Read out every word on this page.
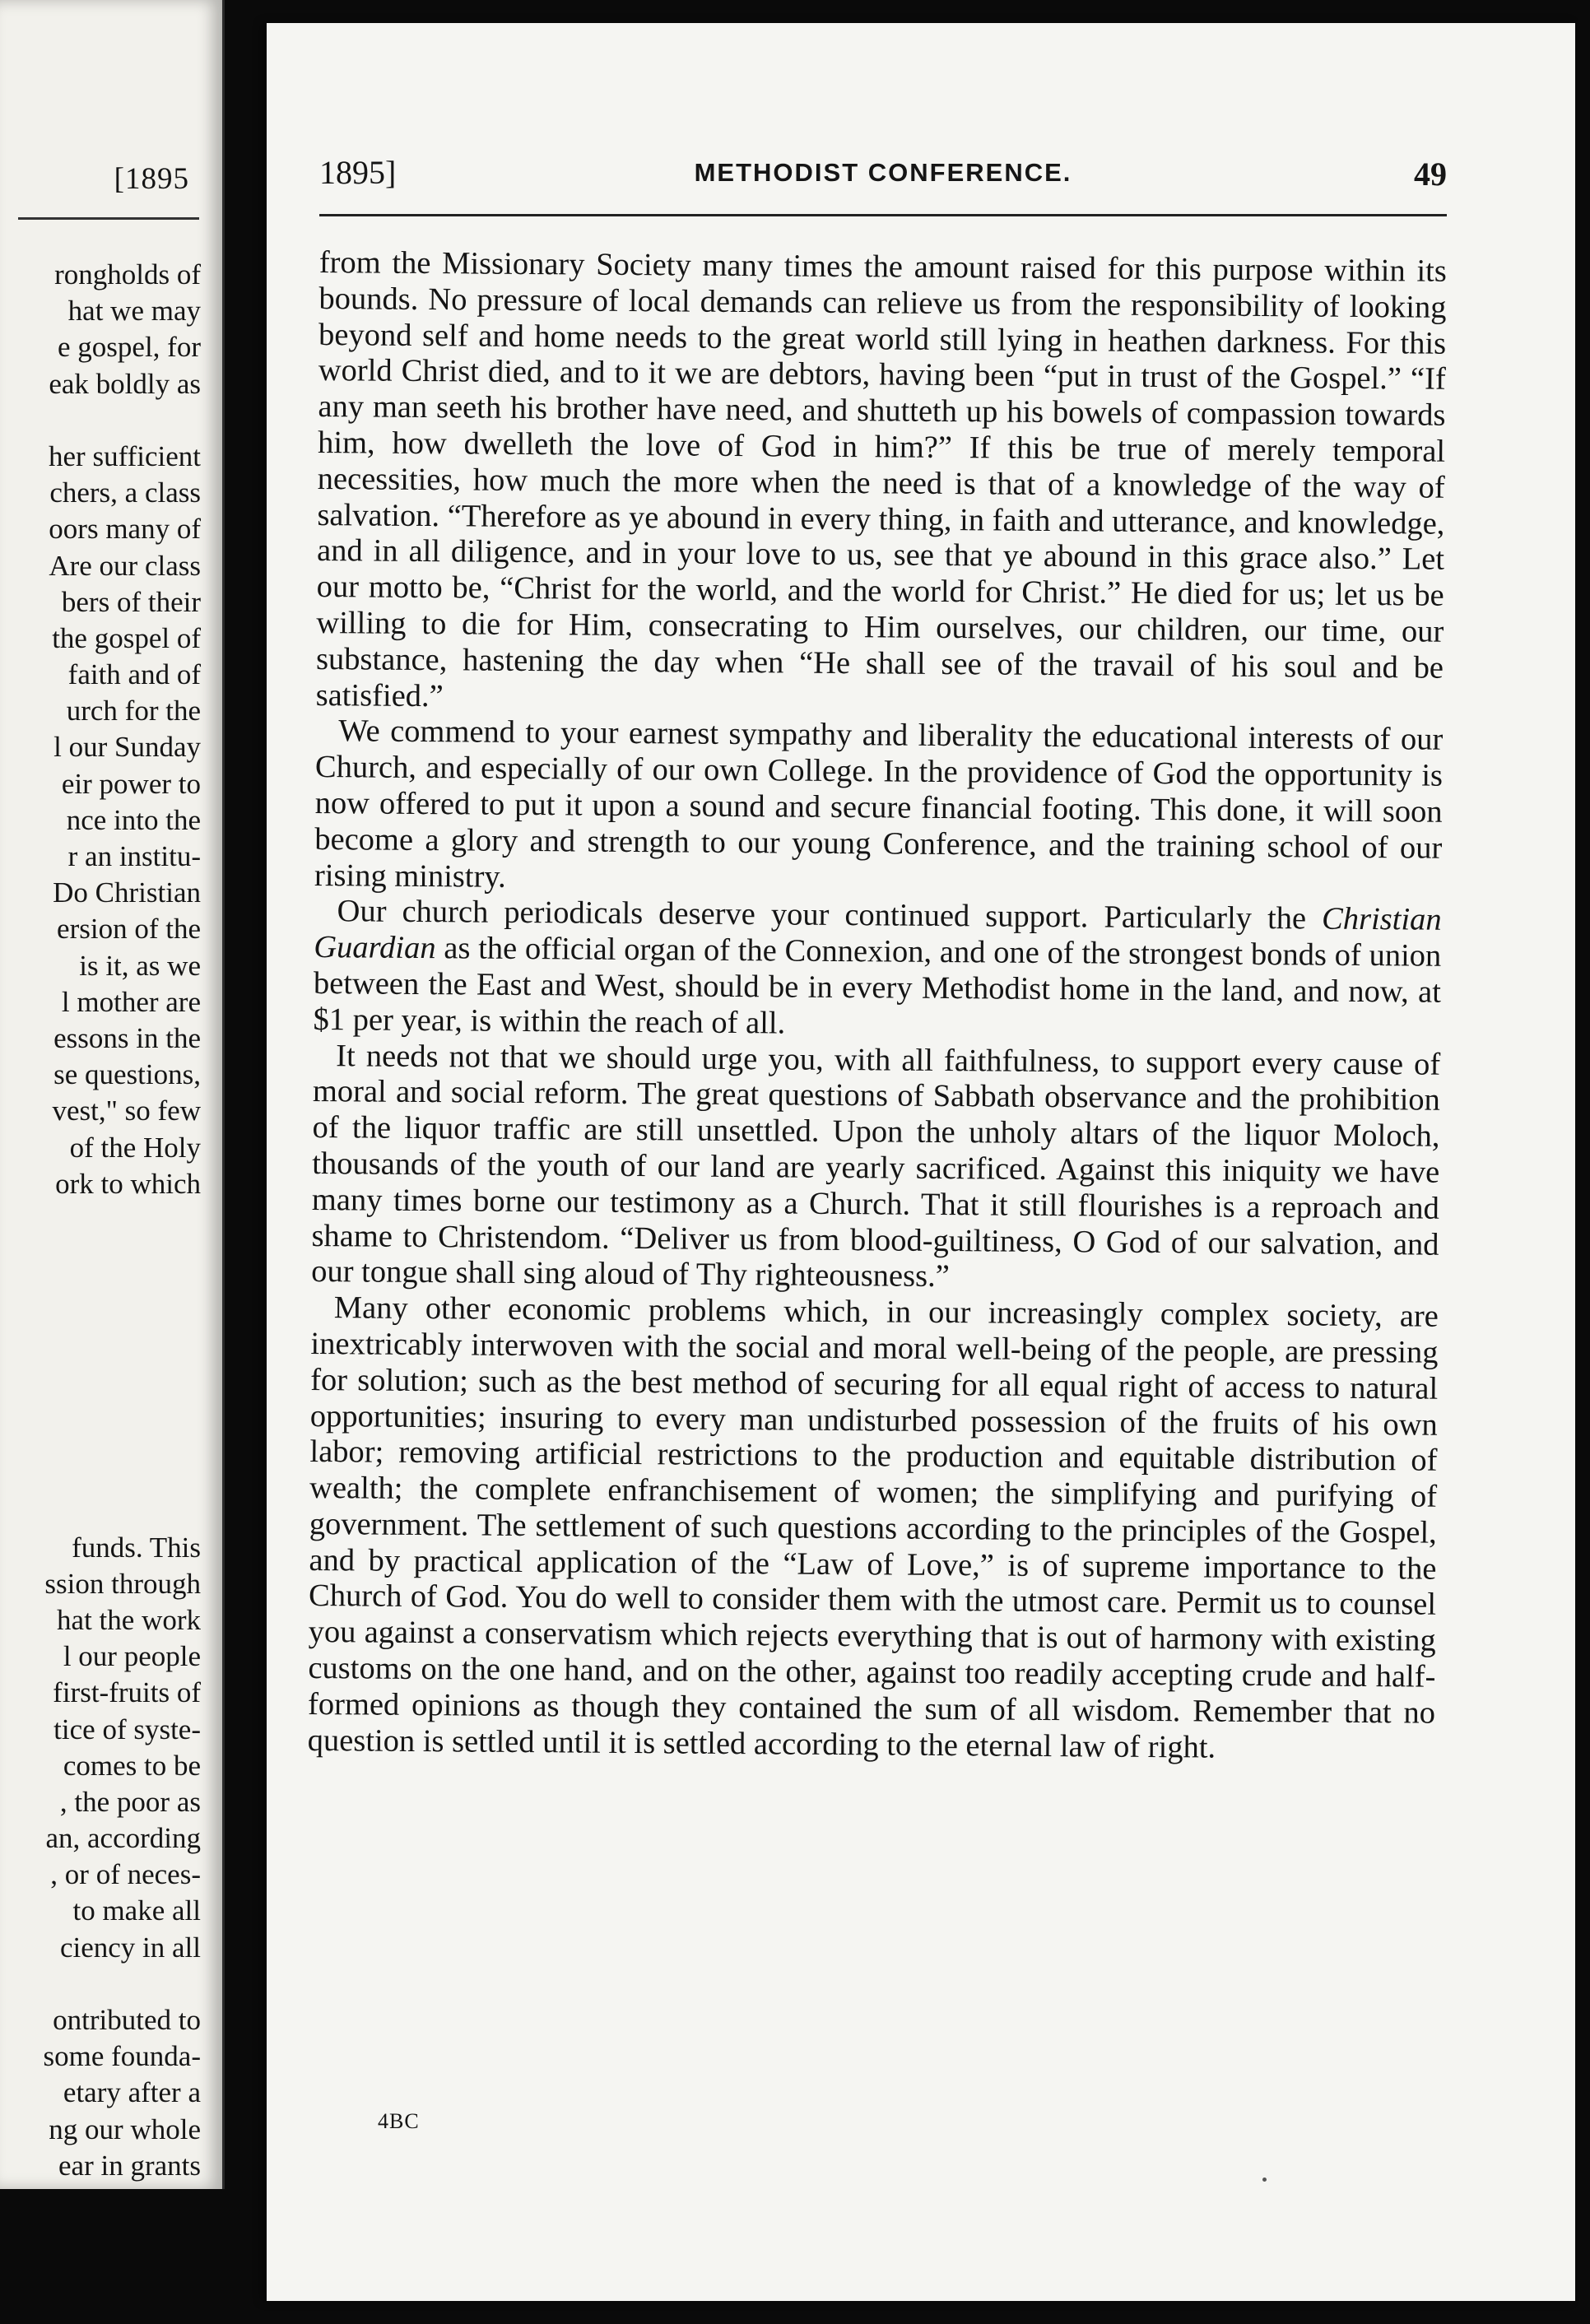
[1895
rongholds of
hat we may
e gospel, for
eak boldly as
her sufficient
chers, a class
oors many of
Are our class
bers of their
the gospel of
faith and of
urch for the
l our Sunday
eir power to
nce into the
r an institu-
Do Christian
ersion of the
is it, as we
l mother are
essons in the
se questions,
vest," so few
of the Holy
ork to which
funds. This
ssion through
hat the work
l our people
first-fruits of
tice of syste-
comes to be
, the poor as
an, according
, or of neces-
to make all
ciency in all
ontributed to
some founda-
etary after a
ng our whole
ear in grants
1895]	METHODIST CONFERENCE.	49

from the Missionary Society many times the amount raised for this purpose within its bounds. No pressure of local demands can relieve us from the responsibility of looking beyond self and home needs to the great world still lying in heathen darkness. For this world Christ died, and to it we are debtors, having been “put in trust of the Gospel.” “If any man seeth his brother have need, and shutteth up his bowels of compassion towards him, how dwelleth the love of God in him?” If this be true of merely temporal necessities, how much the more when the need is that of a knowledge of the way of salvation. “Therefore as ye abound in every thing, in faith and utterance, and knowledge, and in all diligence, and in your love to us, see that ye abound in this grace also.” Let our motto be, “Christ for the world, and the world for Christ.” He died for us; let us be willing to die for Him, consecrating to Him ourselves, our children, our time, our substance, hastening the day when “He shall see of the travail of his soul and be satisfied.”

We commend to your earnest sympathy and liberality the educational interests of our Church, and especially of our own College. In the providence of God the opportunity is now offered to put it upon a sound and secure financial footing. This done, it will soon become a glory and strength to our young Conference, and the training school of our rising ministry.

Our church periodicals deserve your continued support. Particularly the Christian Guardian as the official organ of the Connexion, and one of the strongest bonds of union between the East and West, should be in every Methodist home in the land, and now, at $1 per year, is within the reach of all.

It needs not that we should urge you, with all faithfulness, to support every cause of moral and social reform. The great questions of Sabbath observance and the prohibition of the liquor traffic are still unsettled. Upon the unholy altars of the liquor Moloch, thousands of the youth of our land are yearly sacrificed. Against this iniquity we have many times borne our testimony as a Church. That it still flourishes is a reproach and shame to Christendom. “Deliver us from blood-guiltiness, O God of our salvation, and our tongue shall sing aloud of Thy righteousness.”

Many other economic problems which, in our increasingly complex society, are inextricably interwoven with the social and moral well-being of the people, are pressing for solution; such as the best method of securing for all equal right of access to natural opportunities; insuring to every man undisturbed possession of the fruits of his own labor; removing artificial restrictions to the production and equitable distribution of wealth; the complete enfranchisement of women; the simplifying and purifying of government. The settlement of such questions according to the principles of the Gospel, and by practical application of the “Law of Love,” is of supreme importance to the Church of God. You do well to consider them with the utmost care. Permit us to counsel you against a conservatism which rejects everything that is out of harmony with existing customs on the one hand, and on the other, against too readily accepting crude and half-formed opinions as though they contained the sum of all wisdom. Remember that no question is settled until it is settled according to the eternal law of right.

4BC
